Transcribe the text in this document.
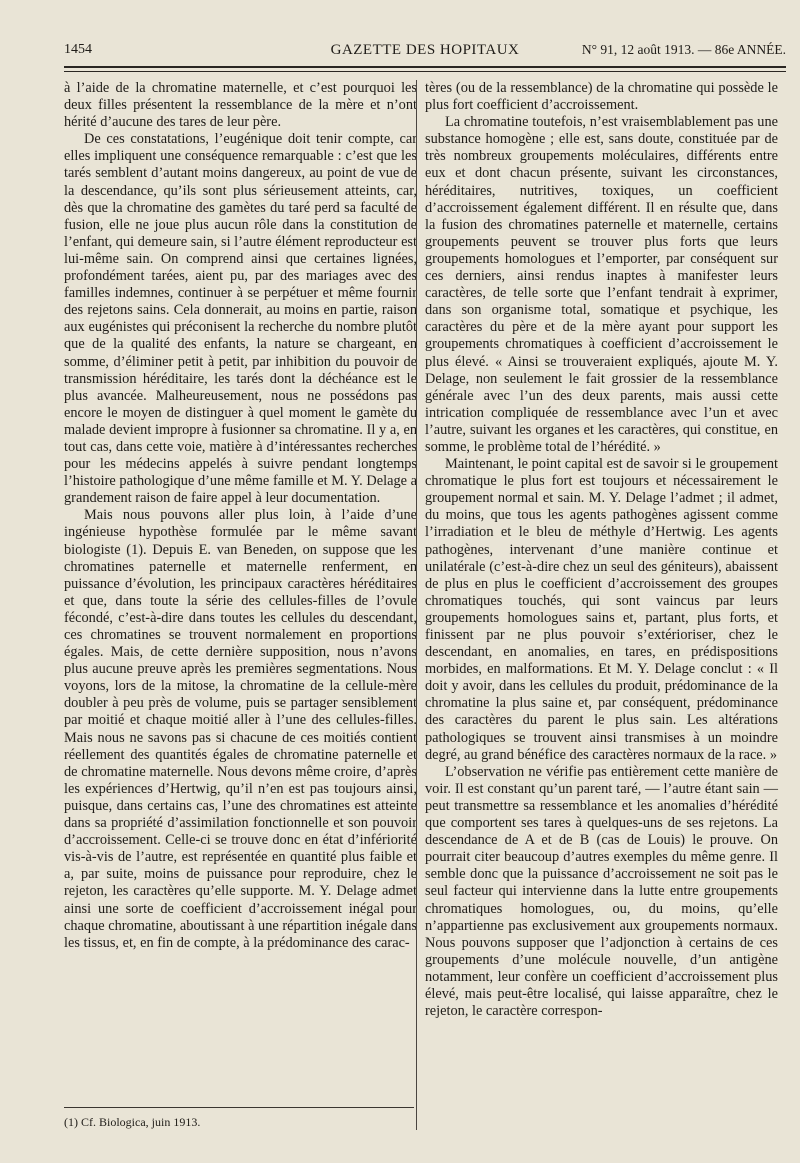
1454	GAZETTE DES HOPITAUX	N° 91, 12 août 1913. — 86e ANNÉE.

à l’aide de la chromatine maternelle, et c’est pourquoi les deux filles présentent la ressemblance de la mère et n’ont hérité d’aucune des tares de leur père.

De ces constatations, l’eugénique doit tenir compte, car elles impliquent une conséquence remarquable : c’est que les tarés semblent d’autant moins dangereux, au point de vue de la descendance, qu’ils sont plus sérieusement atteints, car, dès que la chromatine des gamètes du taré perd sa faculté de fusion, elle ne joue plus aucun rôle dans la constitution de l’enfant, qui demeure sain, si l’autre élément reproducteur est lui-même sain. On comprend ainsi que certaines lignées, profondément tarées, aient pu, par des mariages avec des familles indemnes, continuer à se perpétuer et même fournir des rejetons sains. Cela donnerait, au moins en partie, raison aux eugénistes qui préconisent la recherche du nombre plutôt que de la qualité des enfants, la nature se chargeant, en somme, d’éliminer petit à petit, par inhibition du pouvoir de transmission héréditaire, les tarés dont la déchéance est le plus avancée. Malheureusement, nous ne possédons pas encore le moyen de distinguer à quel moment le gamète du malade devient impropre à fusionner sa chromatine. Il y a, en tout cas, dans cette voie, matière à d’intéressantes recherches pour les médecins appelés à suivre pendant longtemps l’histoire pathologique d’une même famille et M. Y. Delage a grandement raison de faire appel à leur documentation.

Mais nous pouvons aller plus loin, à l’aide d’une ingénieuse hypothèse formulée par le même savant biologiste (1). Depuis E. van Beneden, on suppose que les chromatines paternelle et maternelle renferment, en puissance d’évolution, les principaux caractères héréditaires et que, dans toute la série des cellules-filles de l’ovule fécondé, c’est-à-dire dans toutes les cellules du descendant, ces chromatines se trouvent normalement en proportions égales. Mais, de cette dernière supposition, nous n’avons plus aucune preuve après les premières segmentations. Nous voyons, lors de la mitose, la chromatine de la cellule-mère doubler à peu près de volume, puis se partager sensiblement par moitié et chaque moitié aller à l’une des cellules-filles. Mais nous ne savons pas si chacune de ces moitiés contient réellement des quantités égales de chromatine paternelle et de chromatine maternelle. Nous devons même croire, d’après les expériences d’Hertwig, qu’il n’en est pas toujours ainsi, puisque, dans certains cas, l’une des chromatines est atteinte dans sa propriété d’assimilation fonctionnelle et son pouvoir d’accroissement. Celle-ci se trouve donc en état d’infériorité vis-à-vis de l’autre, est représentée en quantité plus faible et a, par suite, moins de puissance pour reproduire, chez le rejeton, les caractères qu’elle supporte. M. Y. Delage admet ainsi une sorte de coefficient d’accroissement inégal pour chaque chromatine, aboutissant à une répartition inégale dans les tissus, et, en fin de compte, à la prédominance des carac-

tères (ou de la ressemblance) de la chromatine qui possède le plus fort coefficient d’accroissement.

La chromatine toutefois, n’est vraisemblablement pas une substance homogène ; elle est, sans doute, constituée par de très nombreux groupements moléculaires, différents entre eux et dont chacun présente, suivant les circonstances, héréditaires, nutritives, toxiques, un coefficient d’accroissement également différent. Il en résulte que, dans la fusion des chromatines paternelle et maternelle, certains groupements peuvent se trouver plus forts que leurs groupements homologues et l’emporter, par conséquent sur ces derniers, ainsi rendus inaptes à manifester leurs caractères, de telle sorte que l’enfant tendrait à exprimer, dans son organisme total, somatique et psychique, les caractères du père et de la mère ayant pour support les groupements chromatiques à coefficient d’accroissement le plus élevé. « Ainsi se trouveraient expliqués, ajoute M. Y. Delage, non seulement le fait grossier de la ressemblance générale avec l’un des deux parents, mais aussi cette intrication compliquée de ressemblance avec l’un et avec l’autre, suivant les organes et les caractères, qui constitue, en somme, le problème total de l’hérédité. »

Maintenant, le point capital est de savoir si le groupement chromatique le plus fort est toujours et nécessairement le groupement normal et sain. M. Y. Delage l’admet ; il admet, du moins, que tous les agents pathogènes agissent comme l’irradiation et le bleu de méthyle d’Hertwig. Les agents pathogènes, intervenant d’une manière continue et unilatérale (c’est-à-dire chez un seul des géniteurs), abaissent de plus en plus le coefficient d’accroissement des groupes chromatiques touchés, qui sont vaincus par leurs groupements homologues sains et, partant, plus forts, et finissent par ne plus pouvoir s’extérioriser, chez le descendant, en anomalies, en tares, en prédispositions morbides, en malformations. Et M. Y. Delage conclut : « Il doit y avoir, dans les cellules du produit, prédominance de la chromatine la plus saine et, par conséquent, prédominance des caractères du parent le plus sain. Les altérations pathologiques se trouvent ainsi transmises à un moindre degré, au grand bénéfice des caractères normaux de la race. »

L’observation ne vérifie pas entièrement cette manière de voir. Il est constant qu’un parent taré, — l’autre étant sain — peut transmettre sa ressemblance et les anomalies d’hérédité que comportent ses tares à quelques-uns de ses rejetons. La descendance de A et de B (cas de Louis) le prouve. On pourrait citer beaucoup d’autres exemples du même genre. Il semble donc que la puissance d’accroissement ne soit pas le seul facteur qui intervienne dans la lutte entre groupements chromatiques homologues, ou, du moins, qu’elle n’appartienne pas exclusivement aux groupements normaux. Nous pouvons supposer que l’adjonction à certains de ces groupements d’une molécule nouvelle, d’un antigène notamment, leur confère un coefficient d’accroissement plus élevé, mais peut-être localisé, qui laisse apparaître, chez le rejeton, le caractère correspon-

(1) Cf. Biologica, juin 1913.
